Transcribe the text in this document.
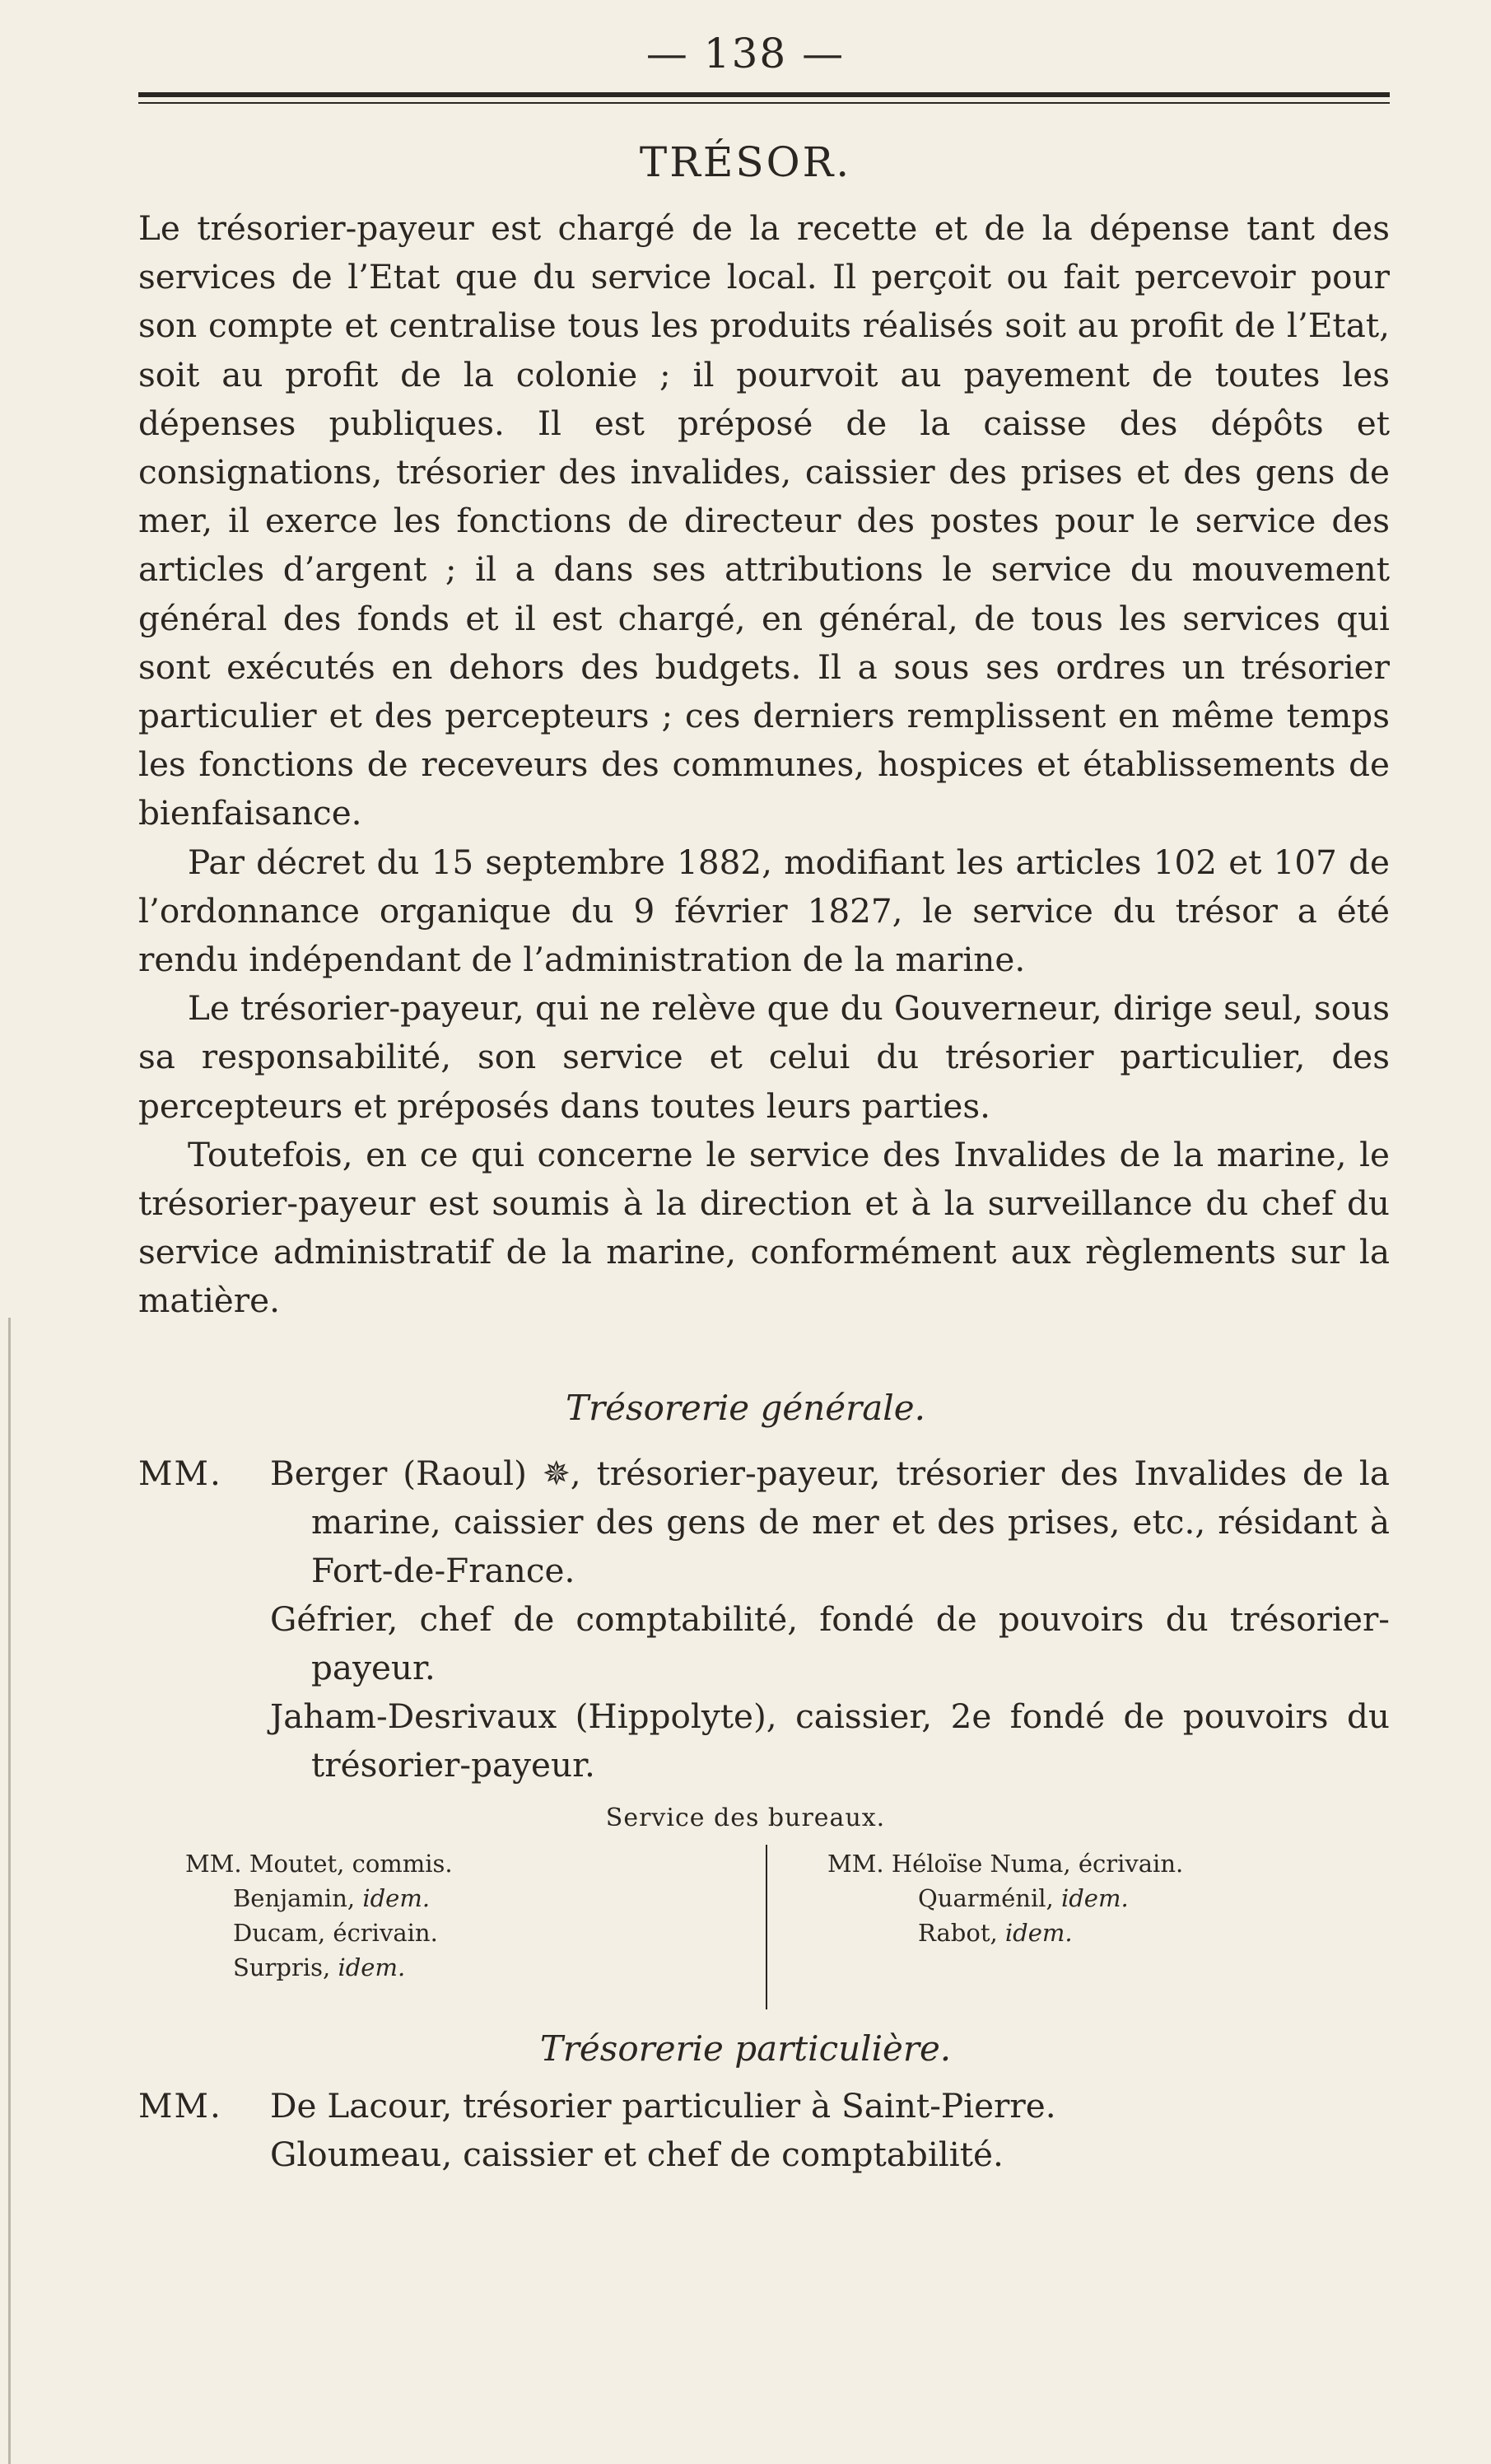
— 138 —
TRÉSOR.

Le trésorier-payeur est chargé de la recette et de la dépense tant des services de l’Etat que du service local. Il perçoit ou fait percevoir pour son compte et centralise tous les produits réalisés soit au profit de l’Etat, soit au profit de la colonie ; il pourvoit au payement de toutes les dépenses publiques. Il est préposé de la caisse des dépôts et consignations, trésorier des invalides, caissier des prises et des gens de mer, il exerce les fonctions de directeur des postes pour le service des articles d’argent ; il a dans ses attributions le service du mouvement général des fonds et il est chargé, en général, de tous les services qui sont exécutés en dehors des budgets. Il a sous ses ordres un trésorier particulier et des percepteurs ; ces derniers remplissent en même temps les fonctions de receveurs des communes, hospices et établissements de bienfaisance.

Par décret du 15 septembre 1882, modifiant les articles 102 et 107 de l’ordonnance organique du 9 février 1827, le service du trésor a été rendu indépendant de l’administration de la marine.

Le trésorier-payeur, qui ne relève que du Gouverneur, dirige seul, sous sa responsabilité, son service et celui du trésorier particulier, des percepteurs et préposés dans toutes leurs parties.

Toutefois, en ce qui concerne le service des Invalides de la marine, le trésorier-payeur est soumis à la direction et à la surveillance du chef du service administratif de la marine, conformément aux règlements sur la matière.

Trésorerie générale.
MM.	Berger (Raoul) ✵, trésorier-payeur, trésorier des Invalides de la marine, caissier des gens de mer et des prises, etc., résidant à Fort-de-France.

Géfrier, chef de comptabilité, fondé de pouvoirs du trésorier-payeur.

Jaham-Desrivaux (Hippolyte), caissier, 2e fondé de pouvoirs du trésorier-payeur.

Service des bureaux.

MM. Moutet, commis.

Benjamin, idem.

Ducam, écrivain.

Surpris, idem.

MM. Héloïse Numa, écrivain.

Quarménil, idem.

Rabot, idem.

Trésorerie particulière.
MM.	De Lacour, trésorier particulier à Saint-Pierre.

Gloumeau, caissier et chef de comptabilité.
